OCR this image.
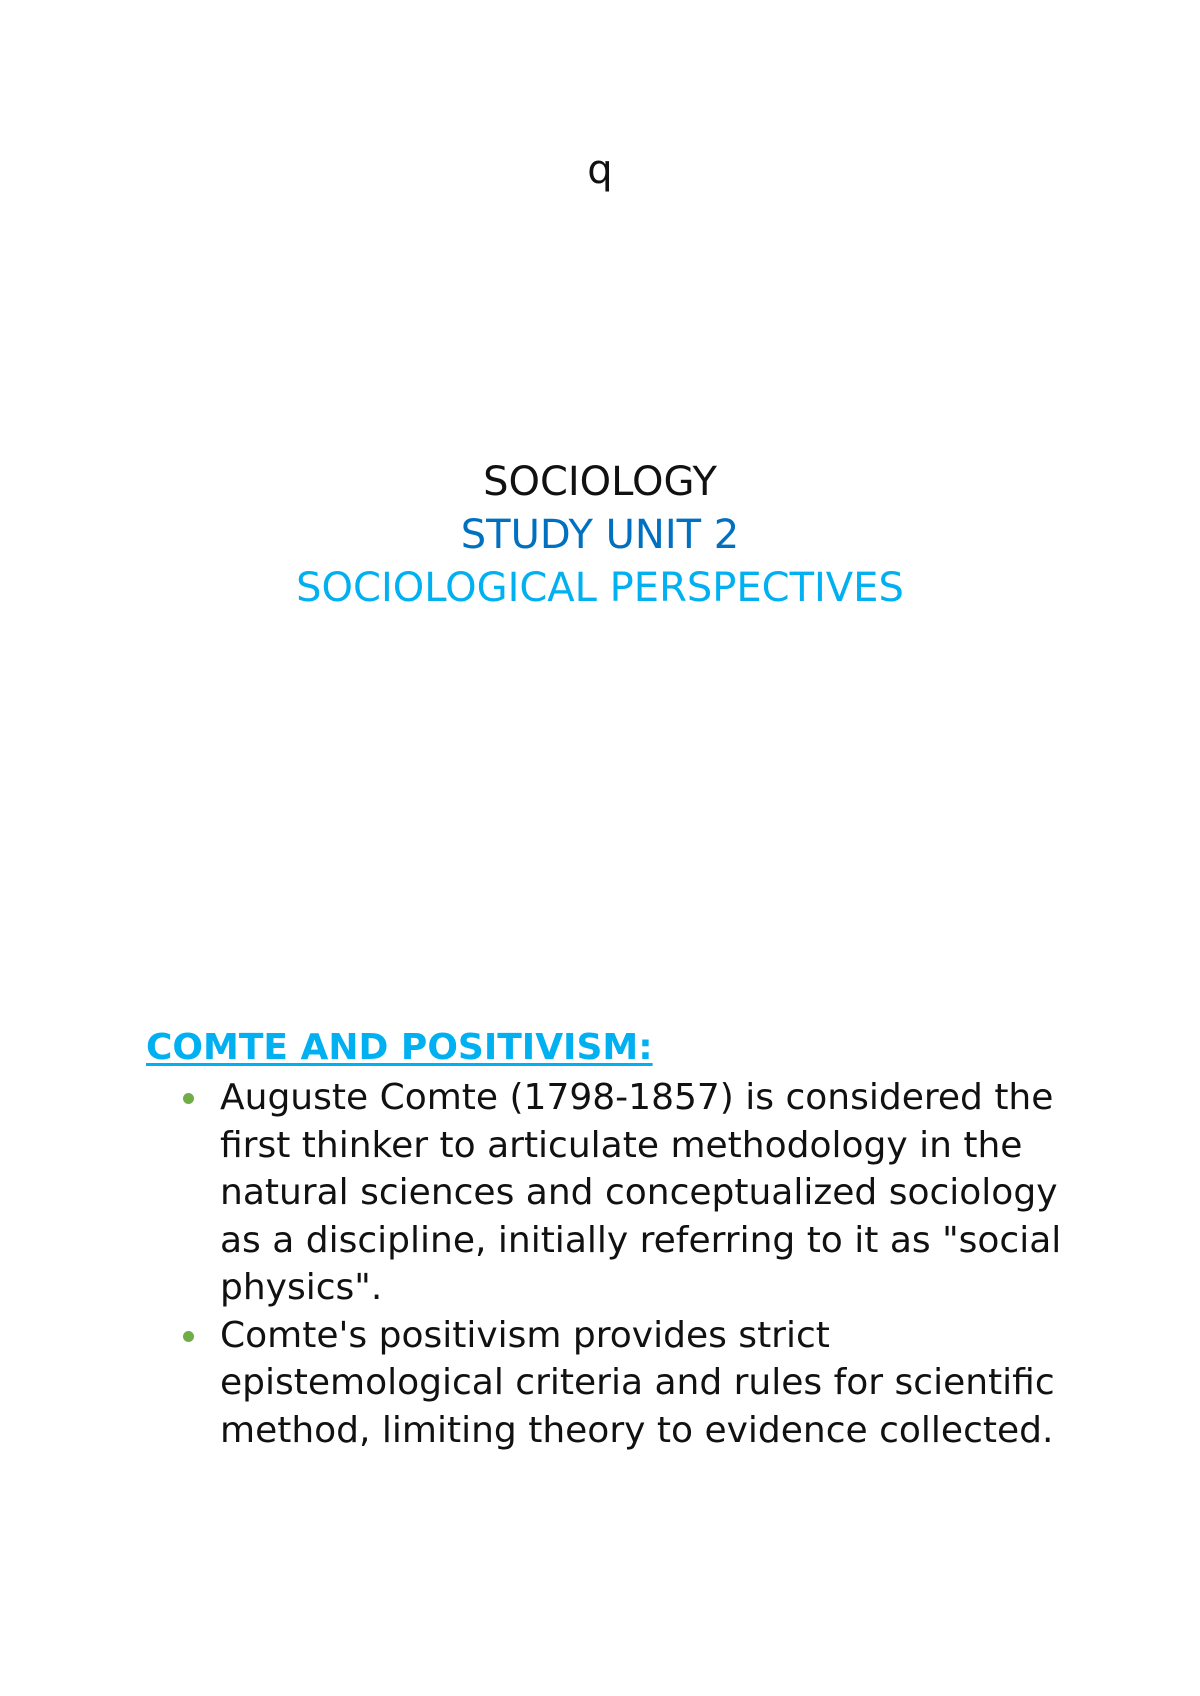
q
SOCIOLOGY
STUDY UNIT 2
SOCIOLOGICAL PERSPECTIVES
COMTE AND POSITIVISM:
Auguste Comte (1798-1857) is considered the first thinker to articulate methodology in the natural sciences and conceptualized sociology as a discipline, initially referring to it as "social physics".
Comte's positivism provides strict epistemological criteria and rules for scientific method, limiting theory to evidence collected.
